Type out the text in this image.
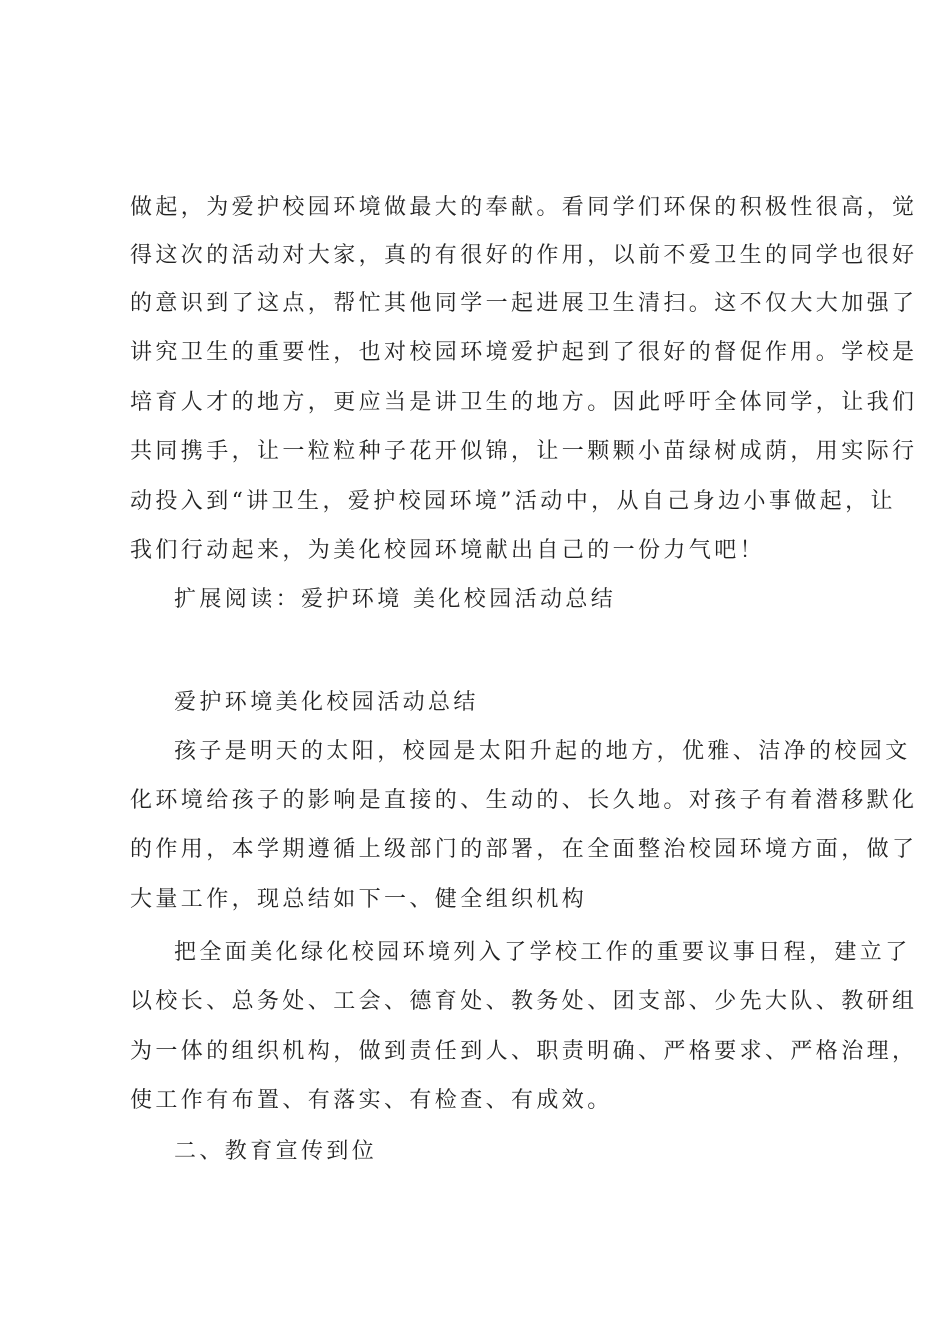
做起，为爱护校园环境做最大的奉献。看同学们环保的积极性很高，觉
得这次的活动对大家，真的有很好的作用，以前不爱卫生的同学也很好
的意识到了这点，帮忙其他同学一起进展卫生清扫。这不仅大大加强了
讲究卫生的重要性，也对校园环境爱护起到了很好的督促作用。学校是
培育人才的地方，更应当是讲卫生的地方。因此呼吁全体同学，让我们
共同携手，让一粒粒种子花开似锦，让一颗颗小苗绿树成荫，用实际行
动投入到“讲卫生，爱护校园环境”活动中，从自己身边小事做起，让
我们行动起来，为美化校园环境献出自己的一份力气吧！
扩展阅读：爱护环境 美化校园活动总结
爱护环境美化校园活动总结
孩子是明天的太阳，校园是太阳升起的地方，优雅、洁净的校园文
化环境给孩子的影响是直接的、生动的、长久地。对孩子有着潜移默化
的作用，本学期遵循上级部门的部署，在全面整治校园环境方面，做了
大量工作，现总结如下一、健全组织机构
把全面美化绿化校园环境列入了学校工作的重要议事日程，建立了
以校长、总务处、工会、德育处、教务处、团支部、少先大队、教研组
为一体的组织机构，做到责任到人、职责明确、严格要求、严格治理，
使工作有布置、有落实、有检查、有成效。
二、教育宣传到位
